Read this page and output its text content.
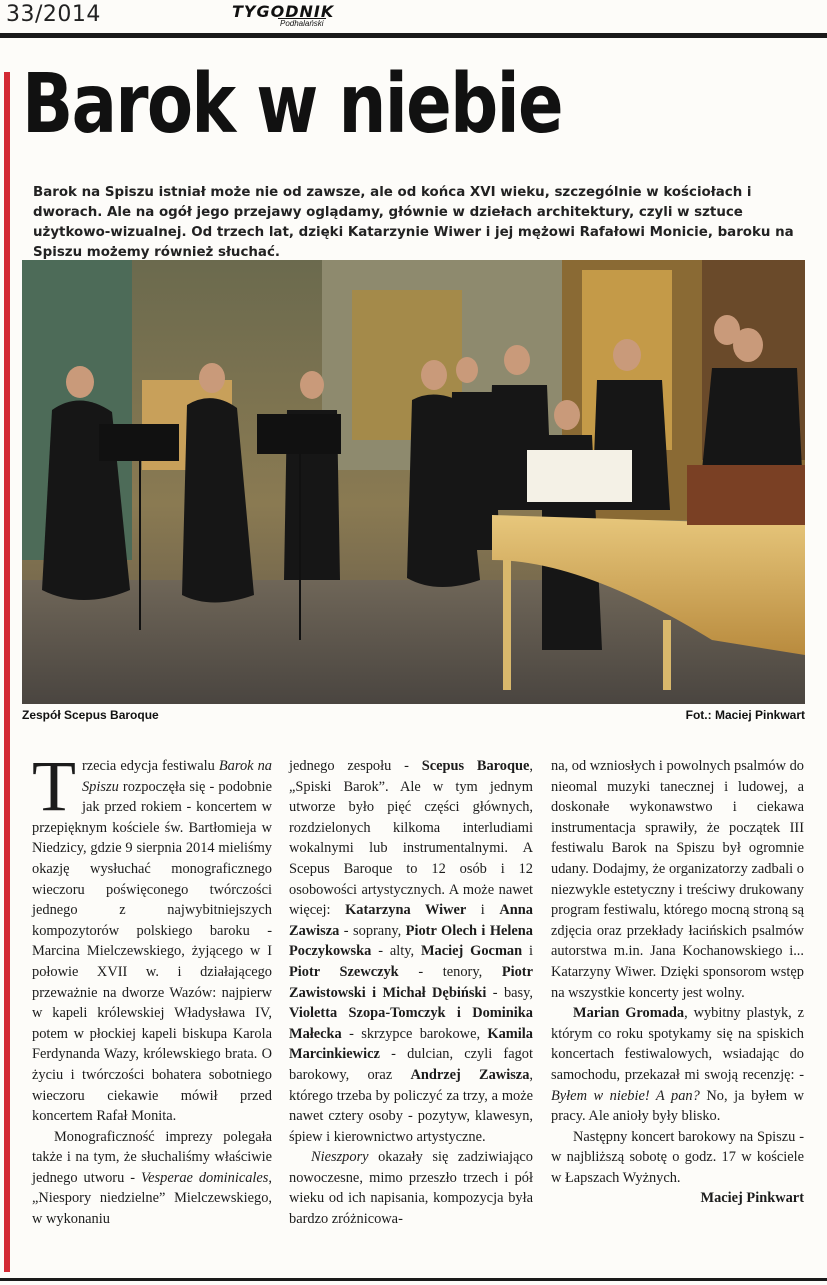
33/2014	TYGODNIK
Podhalański
Barok w niebie
Barok na Spiszu istniał może nie od zawsze, ale od końca XVI wieku, szczególnie w kościołach i dworach. Ale na ogół jego przejawy oglądamy, głównie w dziełach architektury, czyli w sztuce użytkowo-wizualnej. Od trzech lat, dzięki Katarzynie Wiwer i jej mężowi Rafałowi Monicie, baroku na Spiszu możemy również słuchać.
Zespół Scepus Baroque	Fot.: Maciej Pinkwart

Trzecia edycja festiwalu Barok na Spiszu rozpoczęła się - podobnie jak przed rokiem - koncertem w przepięknym kościele św. Bartłomieja w Niedzicy, gdzie 9 sierpnia 2014 mieliśmy okazję wysłuchać monograficznego wieczoru poświęconego twórczości jednego z najwybitniejszych kompozytorów polskiego baroku - Marcina Mielczewskiego, żyjącego w I połowie XVII w. i działającego przeważnie na dworze Wazów: najpierw w kapeli królewskiej Władysława IV, potem w płockiej kapeli biskupa Karola Ferdynanda Wazy, królewskiego brata. O życiu i twórczości bohatera sobotniego wieczoru ciekawie mówił przed koncertem Rafał Monita.

Monograficzność imprezy polegała także i na tym, że słuchaliśmy właściwie jednego utworu - Vesperae dominicales, „Niespory niedzielne” Mielczewskiego, w wykonaniu

jednego zespołu - Scepus Baroque, „Spiski Barok”. Ale w tym jednym utworze było pięć części głównych, rozdzielonych kilkoma interludiami wokalnymi lub instrumentalnymi. A Scepus Baroque to 12 osób i 12 osobowości artystycznych. A może nawet więcej: Katarzyna Wiwer i Anna Zawisza - soprany, Piotr Olech i Helena Poczykowska - alty, Maciej Gocman i Piotr Szewczyk - tenory, Piotr Zawistowski i Michał Dębiński - basy, Violetta Szopa-Tomczyk i Dominika Małecka - skrzypce barokowe, Kamila Marcinkiewicz - dulcian, czyli fagot barokowy, oraz Andrzej Zawisza, którego trzeba by policzyć za trzy, a może nawet cztery osoby - pozytyw, klawesyn, śpiew i kierownictwo artystyczne.

Nieszpory okazały się zadziwiająco nowoczesne, mimo przeszło trzech i pół wieku od ich napisania, kompozycja była bardzo zróżnicowa-

na, od wzniosłych i powolnych psalmów do nieomal muzyki tanecznej i ludowej, a doskonałe wykonawstwo i ciekawa instrumentacja sprawiły, że początek III festiwalu Barok na Spiszu był ogromnie udany. Dodajmy, że organizatorzy zadbali o niezwykle estetyczny i treściwy drukowany program festiwalu, którego mocną stroną są zdjęcia oraz przekłady łacińskich psalmów autorstwa m.in. Jana Kochanowskiego i... Katarzyny Wiwer. Dzięki sponsorom wstęp na wszystkie koncerty jest wolny.

Marian Gromada, wybitny plastyk, z którym co roku spotykamy się na spiskich koncertach festiwalowych, wsiadając do samochodu, przekazał mi swoją recenzję: - Byłem w niebie! A pan? No, ja byłem w pracy. Ale anioły były blisko.

Następny koncert barokowy na Spiszu - w najbliższą sobotę o godz. 17 w kościele w Łapszach Wyżnych.

Maciej Pinkwart
